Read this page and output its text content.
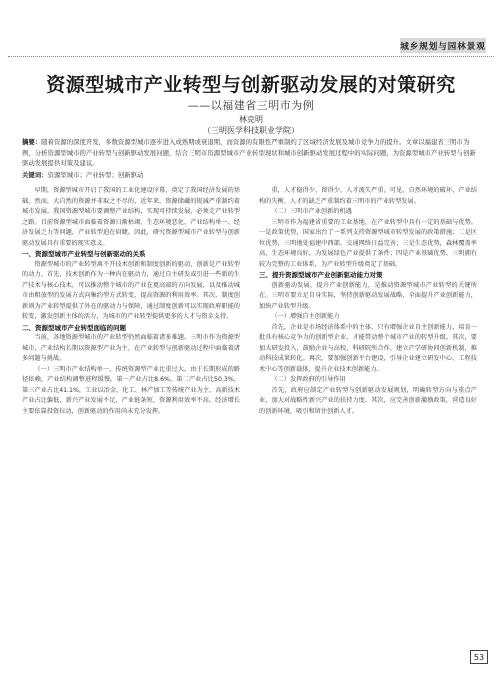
城乡规划与园林景观
资源型城市产业转型与创新驱动发展的对策研究
——以福建省三明市为例
林克明
（三明医学科技职业学院）
摘要：随着资源的深度开发，多数资源型城市逐步进入成熟期或衰退期，而资源的有限性严重制约了区域经济发展及城市竞争力的提升。文章以福建省三明市为例，分析资源型城市的产业转型与创新驱动发展问题，结合三明市资源型城市产业转型现状和城市创新驱动发展过程中的实际问题，为资源型城市产业转型与创新驱动发展提供对策及建议。
关键词：资源型城市；产业转型；创新驱动

早期，资源型城市开启了我国的工业化建设序幕，奠定了我国经济发展的基础。然而，大自然的资源并非取之不尽的，近年来，资源储藏的锐减严重制约着城市发展。我国资源型城市要调整产业结构，实现可持续发展，必须走产业转型之路。目前资源型城市面临着资源日渐枯竭、生态环境恶化、产业结构单一、经济发展乏力等问题，产业转型迫在眉睫。因此，研究资源型城市产业转型与创新驱动发展具有重要的现实意义。

一、资源型城市产业转型与创新驱动的关系

资源型城市的产业转型离不开技术创新和制度创新的驱动，创新是产业转型的动力。首先，技术创新作为一种内在驱动力，通过自主研发或引进一些新的生产技术与核心技术，可以推动整个城市的产业在更高端的方向发展，以及推动城市由粗放型的发展方式向集约型方式转变，提高资源的利用效率。其次，制度创新则为产业转型提供了外在的驱动力与保障，通过制度创新可以实现政府职能的转变，激发创新主体的活力，为城市的产业转型提供更多的人才与资金支持。

二、资源型城市产业转型面临的问题

当前，各地资源型城市的产业转型仍然面临着诸多难题。三明市作为资源型城市，产业结构长期以资源型产业为主，在产业转型与创新驱动过程中面临着诸多问题与挑战。

（一）三明市产业结构单一，传统资源型产业比重过大。由于长期形成的路径依赖，产业结构调整进程缓慢。第一产业占比8.6%，第二产业占比50.3%，第三产业占比41.1%，工业以冶金、化工、林产加工等传统产业为主，高新技术产业占比偏低，新兴产业发展不足，产业链条短，资源利用效率不高，经济增长主要依靠投资拉动，创新驱动的作用尚未充分发挥。

重，人才稳得少、留得少，人才流失严重。可见，自然环境的破坏、产业结构的失衡、人才的缺乏严重制约着三明市的产业转型发展。

（二）三明市产业创新的机遇

三明市作为福建省重要的工业基地，在产业转型中具有一定的基础与优势。一是政策优势，国家出台了一系列支持资源型城市转型发展的政策措施；二是区位优势，三明地处福建中西部，交通网络日益完善；三是生态优势，森林覆盖率高，生态环境良好，为发展绿色产业提供了条件；四是产业基础优势，三明拥有较为完整的工业体系，为产业转型升级奠定了基础。

三、提升资源型城市产业创新驱动能力对策

创新驱动发展，提升产业创新能力，是推动资源型城市产业转型的关键所在。三明市要立足自身实际，坚持创新驱动发展战略，全面提升产业创新能力，加快产业转型升级。

（一）增强自主创新能力

首先，企业是市场经济体系中的主体，只有增强企业自主创新能力，培育一批具有核心竞争力的创新型企业，才能带动整个城市产业的转型升级。其次，要加大研发投入，鼓励企业与高校、科研院所合作，建立产学研协同创新机制，推动科技成果转化。再次，要加强创新平台建设，引导企业建立研发中心、工程技术中心等创新载体，提升企业技术创新能力。

（二）发挥政府的引导作用

首先，政府应制定产业转型与创新驱动发展规划，明确转型方向与重点产业，加大对战略性新兴产业的扶持力度。其次，应完善创新激励政策，营造良好的创新环境，吸引和留住创新人才。

53
